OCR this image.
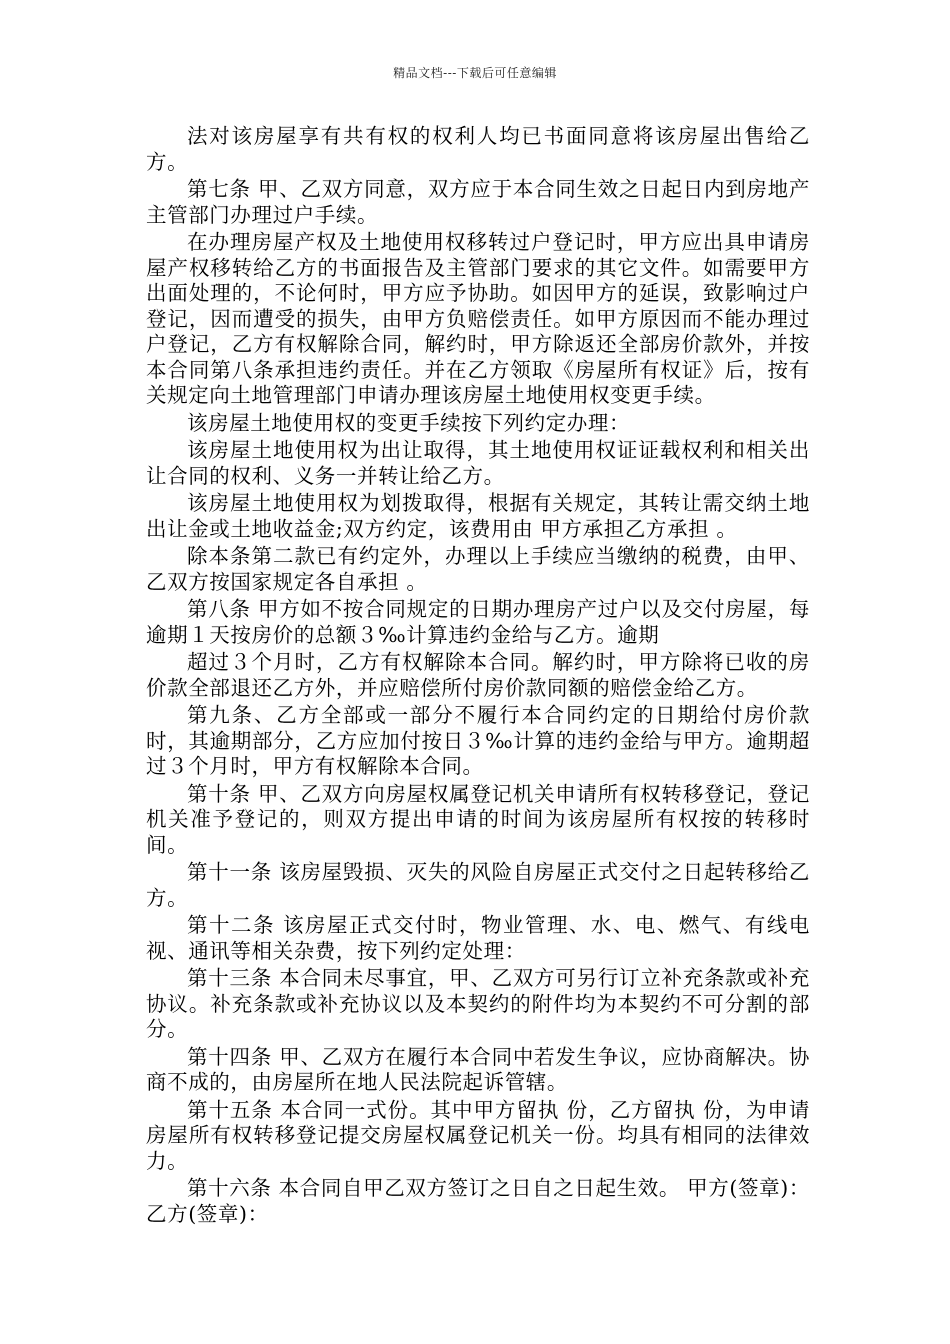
精品文档---下载后可任意编辑

法对该房屋享有共有权的权利人均已书面同意将该房屋出售给乙方。

第七条 甲、乙双方同意，双方应于本合同生效之日起日内到房地产主管部门办理过户手续。

在办理房屋产权及土地使用权移转过户登记时，甲方应出具申请房屋产权移转给乙方的书面报告及主管部门要求的其它文件。如需要甲方出面处理的，不论何时，甲方应予协助。如因甲方的延误，致影响过户登记，因而遭受的损失，由甲方负赔偿责任。如甲方原因而不能办理过户登记，乙方有权解除合同，解约时，甲方除返还全部房价款外，并按本合同第八条承担违约责任。并在乙方领取《房屋所有权证》后，按有关规定向土地管理部门申请办理该房屋土地使用权变更手续。

该房屋土地使用权的变更手续按下列约定办理：

该房屋土地使用权为出让取得，其土地使用权证证载权利和相关出让合同的权利、义务一并转让给乙方。

该房屋土地使用权为划拨取得，根据有关规定，其转让需交纳土地出让金或土地收益金;双方约定，该费用由 甲方承担乙方承担 。

除本条第二款已有约定外，办理以上手续应当缴纳的税费，由甲、乙双方按国家规定各自承担 。

第八条 甲方如不按合同规定的日期办理房产过户以及交付房屋，每逾期１天按房价的总额３‰计算违约金给与乙方。逾期

超过３个月时，乙方有权解除本合同。解约时，甲方除将已收的房价款全部退还乙方外，并应赔偿所付房价款同额的赔偿金给乙方。

第九条、乙方全部或一部分不履行本合同约定的日期给付房价款时，其逾期部分，乙方应加付按日３‰计算的违约金给与甲方。逾期超过３个月时，甲方有权解除本合同。

第十条 甲、乙双方向房屋权属登记机关申请所有权转移登记，登记机关准予登记的，则双方提出申请的时间为该房屋所有权按的转移时间。

第十一条 该房屋毁损、灭失的风险自房屋正式交付之日起转移给乙方。

第十二条 该房屋正式交付时，物业管理、水、电、燃气、有线电视、通讯等相关杂费，按下列约定处理：

第十三条 本合同未尽事宜，甲、乙双方可另行订立补充条款或补充协议。补充条款或补充协议以及本契约的附件均为本契约不可分割的部分。

第十四条 甲、乙双方在履行本合同中若发生争议，应协商解决。协商不成的，由房屋所在地人民法院起诉管辖。

第十五条 本合同一式份。其中甲方留执 份，乙方留执 份，为申请房屋所有权转移登记提交房屋权属登记机关一份。均具有相同的法律效力。

第十六条 本合同自甲乙双方签订之日自之日起生效。 甲方(签章)： 乙方(签章)：
